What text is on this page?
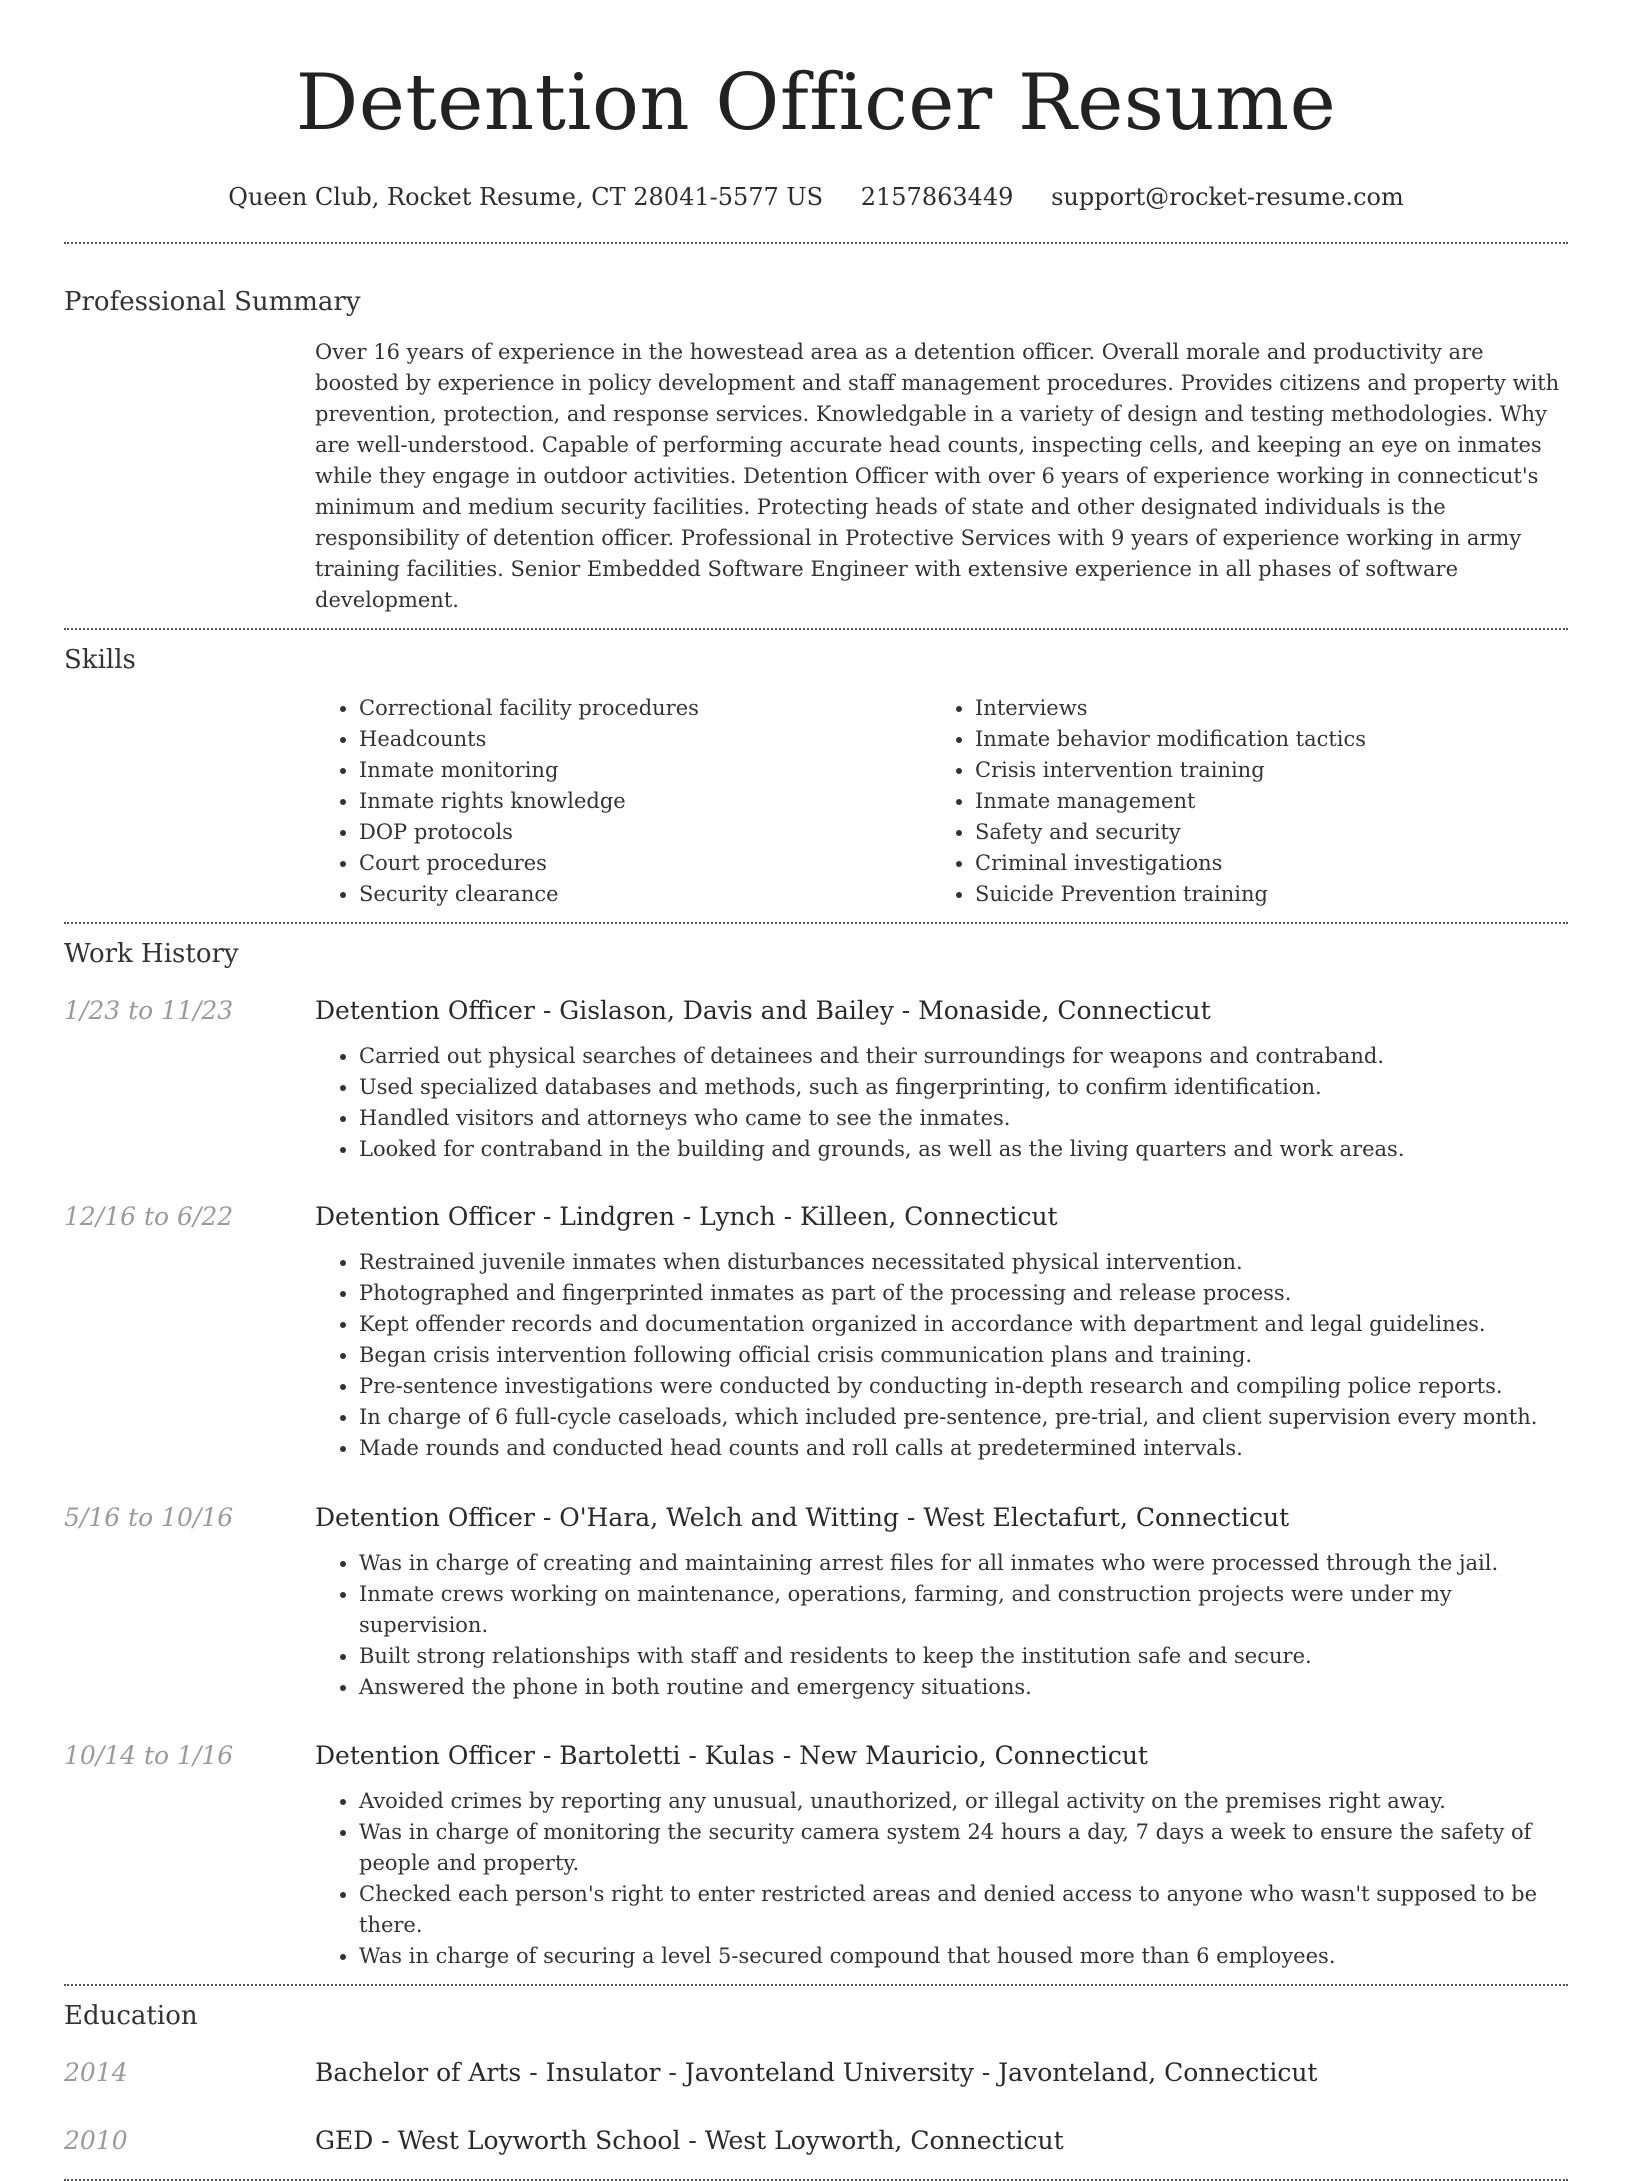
Detention Officer Resume
Queen Club, Rocket Resume, CT 28041-5577 US 2157863449 support@rocket-resume.com
Professional Summary
Over 16 years of experience in the howestead area as a detention officer. Overall morale and productivity are boosted by experience in policy development and staff management procedures. Provides citizens and property with prevention, protection, and response services. Knowledgable in a variety of design and testing methodologies. Why are well-understood. Capable of performing accurate head counts, inspecting cells, and keeping an eye on inmates while they engage in outdoor activities. Detention Officer with over 6 years of experience working in connecticut's minimum and medium security facilities. Protecting heads of state and other designated individuals is the responsibility of detention officer. Professional in Protective Services with 9 years of experience working in army training facilities. Senior Embedded Software Engineer with extensive experience in all phases of software development.
Skills
• Correctional facility procedures
• Headcounts
• Inmate monitoring
• Inmate rights knowledge
• DOP protocols
• Court procedures
• Security clearance
• Interviews
• Inmate behavior modification tactics
• Crisis intervention training
• Inmate management
• Safety and security
• Criminal investigations
• Suicide Prevention training
Work History
1/23 to 11/23	Detention Officer - Gislason, Davis and Bailey - Monaside, Connecticut
• Carried out physical searches of detainees and their surroundings for weapons and contraband.
• Used specialized databases and methods, such as fingerprinting, to confirm identification.
• Handled visitors and attorneys who came to see the inmates.
• Looked for contraband in the building and grounds, as well as the living quarters and work areas.
12/16 to 6/22	Detention Officer - Lindgren - Lynch - Killeen, Connecticut
• Restrained juvenile inmates when disturbances necessitated physical intervention.
• Photographed and fingerprinted inmates as part of the processing and release process.
• Kept offender records and documentation organized in accordance with department and legal guidelines.
• Began crisis intervention following official crisis communication plans and training.
• Pre-sentence investigations were conducted by conducting in-depth research and compiling police reports.
• In charge of 6 full-cycle caseloads, which included pre-sentence, pre-trial, and client supervision every month.
• Made rounds and conducted head counts and roll calls at predetermined intervals.
5/16 to 10/16	Detention Officer - O'Hara, Welch and Witting - West Electafurt, Connecticut
• Was in charge of creating and maintaining arrest files for all inmates who were processed through the jail.
• Inmate crews working on maintenance, operations, farming, and construction projects were under my supervision.
• Built strong relationships with staff and residents to keep the institution safe and secure.
• Answered the phone in both routine and emergency situations.
10/14 to 1/16	Detention Officer - Bartoletti - Kulas - New Mauricio, Connecticut
• Avoided crimes by reporting any unusual, unauthorized, or illegal activity on the premises right away.
• Was in charge of monitoring the security camera system 24 hours a day, 7 days a week to ensure the safety of people and property.
• Checked each person's right to enter restricted areas and denied access to anyone who wasn't supposed to be there.
• Was in charge of securing a level 5-secured compound that housed more than 6 employees.
Education
2014	Bachelor of Arts - Insulator - Javonteland University - Javonteland, Connecticut
2010	GED - West Loyworth School - West Loyworth, Connecticut
